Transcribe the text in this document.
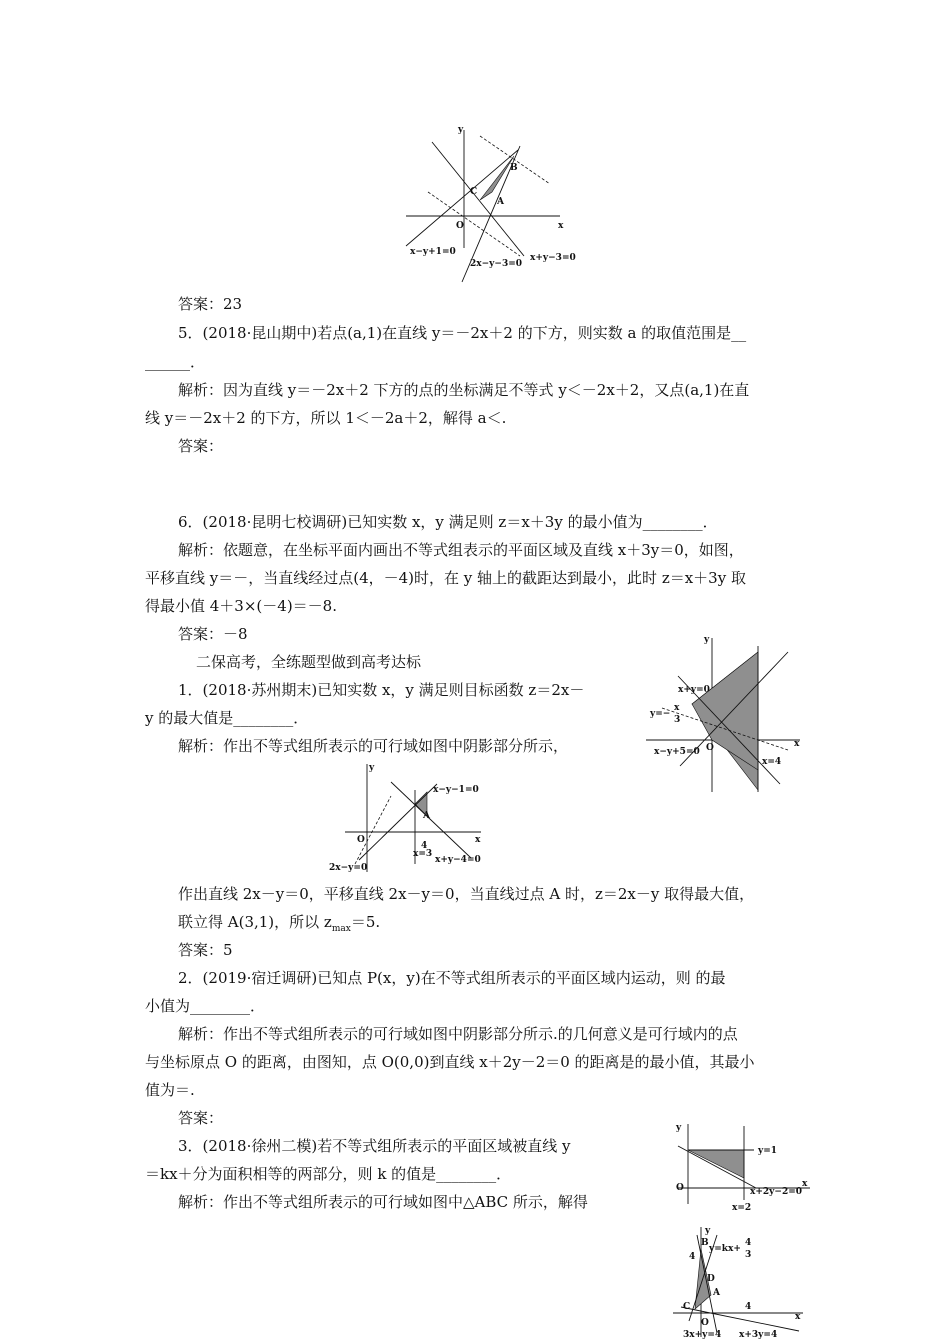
y
x
O
A
B
C
x−y+1=0
2x−y−3=0
x+y−3=0
y
x
O
x+y=0
y=−
x
3
x−y+5=0
x=4
y
x
O
A
x−y−1=0
2x−y=0
x=3
4
x+y−4=0
y
x
O
y=1
x+2y−2=0
x=2
y
x
O
B
D
A
C
4
4
y=kx+
4
3
3x+y=4 x+3y=4
答案：23
5．(2018·昆山期中)若点(a,1)在直线 y＝－2x＋2 的下方，则实数 a 的取值范围是__
______．
解析：因为直线 y＝－2x＋2 下方的点的坐标满足不等式 y＜－2x＋2，又点(a,1)在直
线 y＝－2x＋2 的下方，所以 1＜－2a＋2，解得 a＜.
答案：
6．(2018·昆明七校调研)已知实数 x，y 满足则 z＝x＋3y 的最小值为________．
解析：依题意，在坐标平面内画出不等式组表示的平面区域及直线 x＋3y＝0，如图，
平移直线 y＝－，当直线经过点(4，－4)时，在 y 轴上的截距达到最小，此时 z＝x＋3y 取
得最小值 4＋3×(－4)＝－8.
答案：－8
二保高考，全练题型做到高考达标
1．(2018·苏州期末)已知实数 x，y 满足则目标函数 z＝2x－
y 的最大值是________．
解析：作出不等式组所表示的可行域如图中阴影部分所示，
作出直线 2x－y＝0，平移直线 2x－y＝0，当直线过点 A 时，z＝2x－y 取得最大值，
联立得 A(3,1)，所以 $z_{max}=5$.
答案：5
2．(2019·宿迁调研)已知点 P(x，y)在不等式组所表示的平面区域内运动，则 的最
小值为________．
解析：作出不等式组所表示的可行域如图中阴影部分所示.的几何意义是可行域内的点
与坐标原点 O 的距离，由图知，点 O(0,0)到直线 x＋2y－2＝0 的距离是的最小值，其最小
值为＝.
答案：
3．(2018·徐州二模)若不等式组所表示的平面区域被直线 y
＝kx＋分为面积相等的两部分，则 k 的值是________．
解析：作出不等式组所表示的可行域如图中△ABC 所示，解得
